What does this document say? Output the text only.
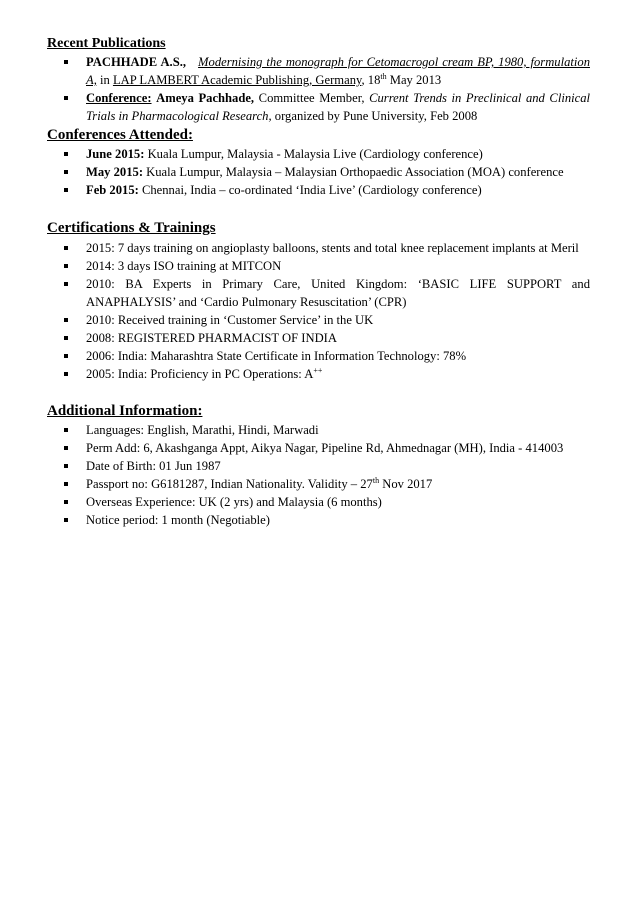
Recent Publications
PACHHADE A.S., Modernising the monograph for Cetomacrogol cream BP, 1980, formulation A, in LAP LAMBERT Academic Publishing, Germany, 18th May 2013
Conference: Ameya Pachhade, Committee Member, Current Trends in Preclinical and Clinical Trials in Pharmacological Research, organized by Pune University, Feb 2008
Conferences Attended:
June 2015: Kuala Lumpur, Malaysia - Malaysia Live (Cardiology conference)
May 2015: Kuala Lumpur, Malaysia – Malaysian Orthopaedic Association (MOA) conference
Feb 2015: Chennai, India – co-ordinated ‘India Live’ (Cardiology conference)
Certifications & Trainings
2015: 7 days training on angioplasty balloons, stents and total knee replacement implants at Meril
2014: 3 days ISO training at MITCON
2010: BA Experts in Primary Care, United Kingdom: ‘BASIC LIFE SUPPORT and ANAPHALYSIS’ and ‘Cardio Pulmonary Resuscitation’ (CPR)
2010: Received training in ‘Customer Service’ in the UK
2008: REGISTERED PHARMACIST OF INDIA
2006: India: Maharashtra State Certificate in Information Technology: 78%
2005: India: Proficiency in PC Operations: A++
Additional Information:
Languages: English, Marathi, Hindi, Marwadi
Perm Add: 6, Akashganga Appt, Aikya Nagar, Pipeline Rd, Ahmednagar (MH), India - 414003
Date of Birth: 01 Jun 1987
Passport no: G6181287, Indian Nationality. Validity – 27th Nov 2017
Overseas Experience: UK (2 yrs) and Malaysia (6 months)
Notice period: 1 month (Negotiable)
